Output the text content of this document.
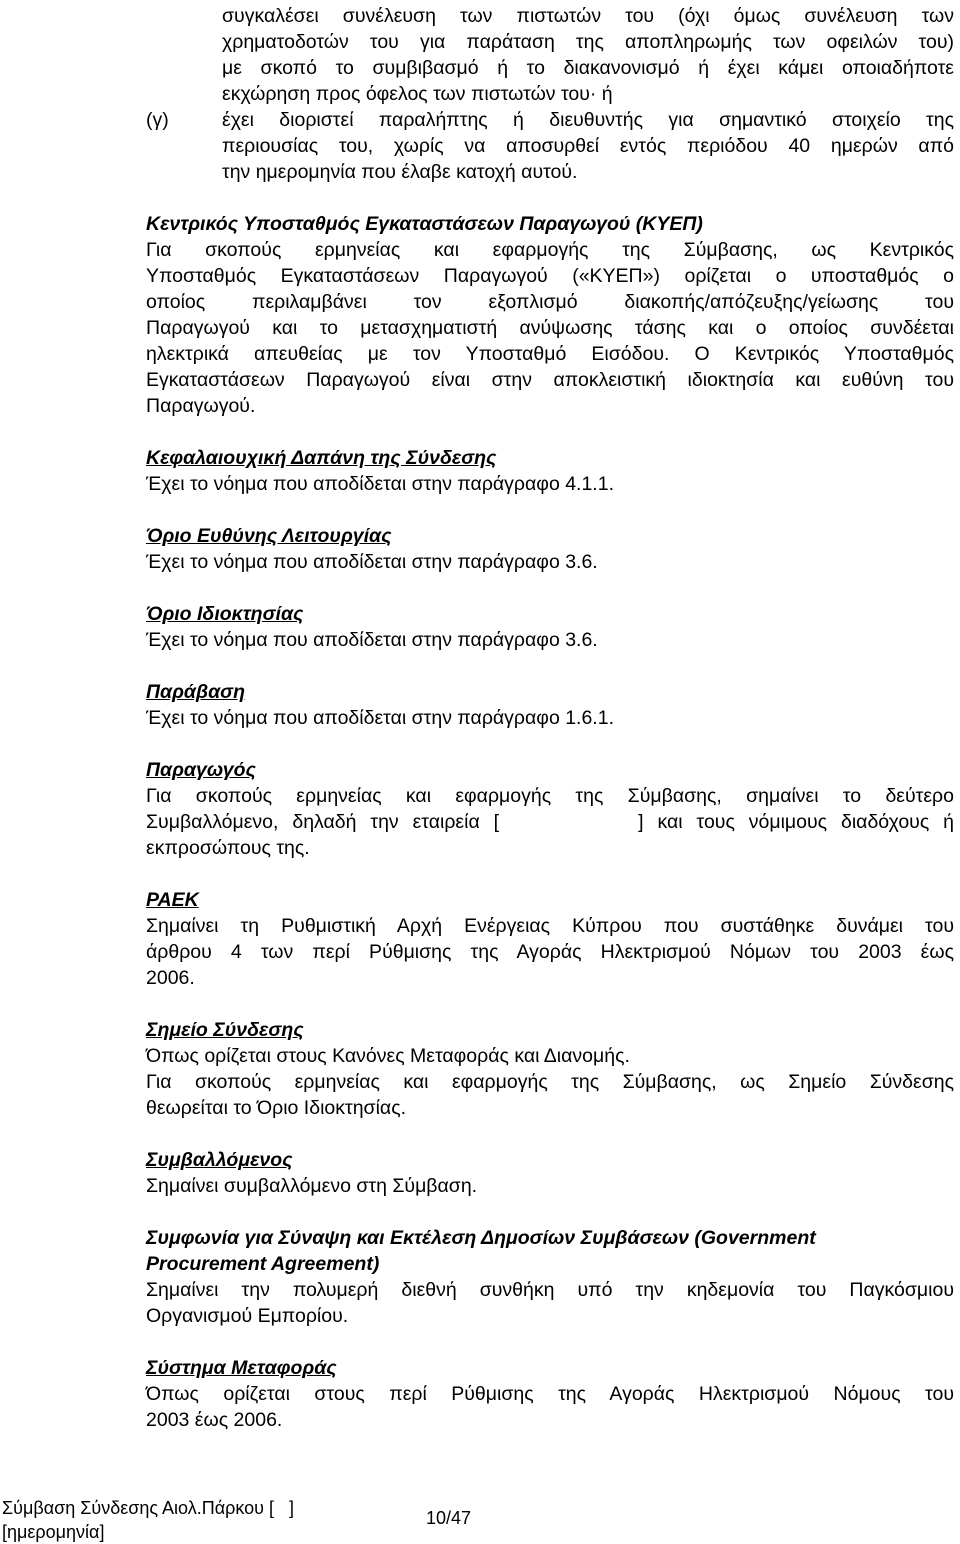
συγκαλέσει συνέλευση των πιστωτών του (όχι όμως συνέλευση των
χρηματοδοτών του για παράταση της αποπληρωμής των οφειλών του)
με σκοπό το συμβιβασμό ή το διακανονισμό ή έχει κάμει οποιαδήποτε
εκχώρηση προς όφελος των πιστωτών του· ή
(γ)	έχει διοριστεί παραλήπτης ή διευθυντής για σημαντικό στοιχείο της
περιουσίας του, χωρίς να αποσυρθεί εντός περιόδου 40 ημερών από
την ημερομηνία που έλαβε κατοχή αυτού.
Κεντρικός Υποσταθμός Εγκαταστάσεων Παραγωγού (ΚΥΕΠ)
Για σκοπούς ερμηνείας και εφαρμογής της Σύμβασης, ως Κεντρικός
Υποσταθμός Εγκαταστάσεων Παραγωγού («ΚΥΕΠ») ορίζεται ο υποσταθμός ο
οποίος περιλαμβάνει τον εξοπλισμό διακοπής/απόζευξης/γείωσης του
Παραγωγού και το μετασχηματιστή ανύψωσης τάσης και ο οποίος συνδέεται
ηλεκτρικά απευθείας με τον Υποσταθμό Εισόδου. Ο Κεντρικός Υποσταθμός
Εγκαταστάσεων Παραγωγού είναι στην αποκλειστική ιδιοκτησία και ευθύνη του
Παραγωγού.
Κεφαλαιουχική Δαπάνη της Σύνδεσης
Έχει το νόημα που αποδίδεται στην παράγραφο 4.1.1.
Όριο Ευθύνης Λειτουργίας
Έχει το νόημα που αποδίδεται στην παράγραφο 3.6.
Όριο Ιδιοκτησίας
Έχει το νόημα που αποδίδεται στην παράγραφο 3.6.
Παράβαση
Έχει το νόημα που αποδίδεται στην παράγραφο 1.6.1.
Παραγωγός
Για σκοπούς ερμηνείας και εφαρμογής της Σύμβασης, σημαίνει το δεύτερο
Συμβαλλόμενο, δηλαδή την εταιρεία [          ] και τους νόμιμους διαδόχους ή
εκπροσώπους της.
ΡΑΕΚ
Σημαίνει τη Ρυθμιστική Αρχή Ενέργειας Κύπρου που συστάθηκε δυνάμει του
άρθρου 4 των περί Ρύθμισης της Αγοράς Ηλεκτρισμού Νόμων του 2003 έως
2006.
Σημείο Σύνδεσης
Όπως ορίζεται στους Κανόνες Μεταφοράς και Διανομής.
Για σκοπούς ερμηνείας και εφαρμογής της Σύμβασης, ως Σημείο Σύνδεσης
θεωρείται το Όριο Ιδιοκτησίας.
Συμβαλλόμενος
Σημαίνει συμβαλλόμενο στη Σύμβαση.
Συμφωνία για Σύναψη και Εκτέλεση Δημοσίων Συμβάσεων (Government
Procurement Agreement)
Σημαίνει την πολυμερή διεθνή συνθήκη υπό την κηδεμονία του Παγκόσμιου
Οργανισμού Εμπορίου.
Σύστημα Μεταφοράς
Όπως ορίζεται στους περί Ρύθμισης της Αγοράς Ηλεκτρισμού Νόμους του
2003 έως 2006.
Σύμβαση Σύνδεσης Αιολ.Πάρκου [   ]
[ημερομηνία]
10/47
